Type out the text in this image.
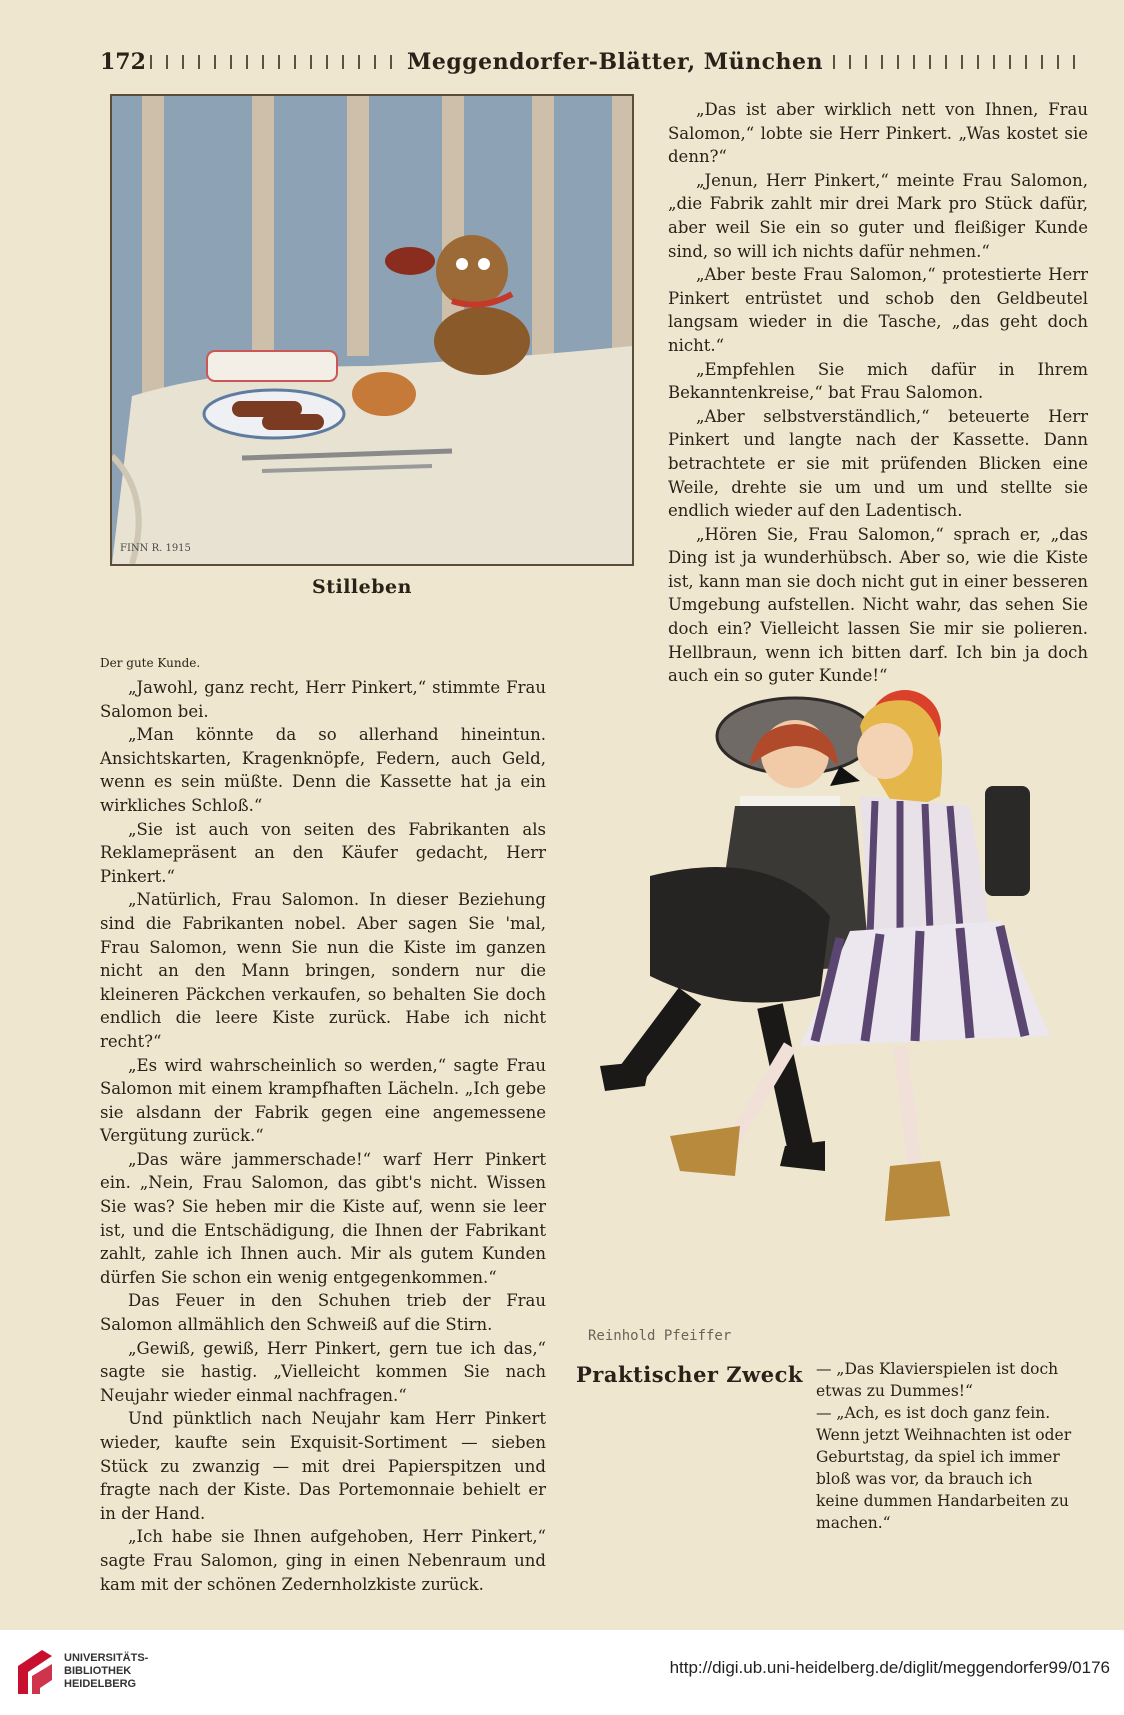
172	Meggendorfer-Blätter, München
FINN R. 1915
Stilleben

„Das ist aber wirklich nett von Ihnen, Frau Salomon,“ lobte sie Herr Pinkert. „Was kostet sie denn?“

„Jenun, Herr Pinkert,“ meinte Frau Salomon, „die Fabrik zahlt mir drei Mark pro Stück dafür, aber weil Sie ein so guter und fleißiger Kunde sind, so will ich nichts dafür nehmen.“

„Aber beste Frau Salomon,“ protestierte Herr Pinkert entrüstet und schob den Geldbeutel langsam wieder in die Tasche, „das geht doch nicht.“

„Empfehlen Sie mich dafür in Ihrem Bekanntenkreise,“ bat Frau Salomon.

„Aber selbstverständlich,“ beteuerte Herr Pinkert und langte nach der Kassette. Dann betrachtete er sie mit prüfenden Blicken eine Weile, drehte sie um und um und stellte sie endlich wieder auf den Ladentisch.

„Hören Sie, Frau Salomon,“ sprach er, „das Ding ist ja wunderhübsch. Aber so, wie die Kiste ist, kann man sie doch nicht gut in einer besseren Umgebung aufstellen. Nicht wahr, das sehen Sie doch ein? Vielleicht lassen Sie mir sie polieren. Hellbraun, wenn ich bitten darf. Ich bin ja doch auch ein so guter Kunde!“

Der gute Kunde.

„Jawohl, ganz recht, Herr Pinkert,“ stimmte Frau Salomon bei.

„Man könnte da so allerhand hineintun. Ansichtskarten, Kragenknöpfe, Federn, auch Geld, wenn es sein müßte. Denn die Kassette hat ja ein wirkliches Schloß.“

„Sie ist auch von seiten des Fabrikanten als Reklamepräsent an den Käufer gedacht, Herr Pinkert.“

„Natürlich, Frau Salomon. In dieser Beziehung sind die Fabrikanten nobel. Aber sagen Sie 'mal, Frau Salomon, wenn Sie nun die Kiste im ganzen nicht an den Mann bringen, sondern nur die kleineren Päckchen verkaufen, so behalten Sie doch endlich die leere Kiste zurück. Habe ich nicht recht?“

„Es wird wahrscheinlich so werden,“ sagte Frau Salomon mit einem krampfhaften Lächeln. „Ich gebe sie alsdann der Fabrik gegen eine angemessene Vergütung zurück.“

„Das wäre jammerschade!“ warf Herr Pinkert ein. „Nein, Frau Salomon, das gibt's nicht. Wissen Sie was? Sie heben mir die Kiste auf, wenn sie leer ist, und die Entschädigung, die Ihnen der Fabrikant zahlt, zahle ich Ihnen auch. Mir als gutem Kunden dürfen Sie schon ein wenig entgegenkommen.“

Das Feuer in den Schuhen trieb der Frau Salomon allmählich den Schweiß auf die Stirn.

„Gewiß, gewiß, Herr Pinkert, gern tue ich das,“ sagte sie hastig. „Vielleicht kommen Sie nach Neujahr wieder einmal nachfragen.“

Und pünktlich nach Neujahr kam Herr Pinkert wieder, kaufte sein Exquisit-Sortiment — sieben Stück zu zwanzig — mit drei Papierspitzen und fragte nach der Kiste. Das Portemonnaie behielt er in der Hand.

„Ich habe sie Ihnen aufgehoben, Herr Pinkert,“ sagte Frau Salomon, ging in einen Nebenraum und kam mit der schönen Zedernholzkiste zurück.

Reinhold Pfeiffer
Praktischer Zweck — „Das Klavierspielen ist doch etwas zu Dummes!“

— „Ach, es ist doch ganz fein. Wenn jetzt Weihnachten ist oder Geburtstag, da spiel ich immer bloß was vor, da brauch ich keine dummen Handarbeiten zu machen.“

UNIVERSITÄTS-
BIBLIOTHEK
HEIDELBERG
http://digi.ub.uni-heidelberg.de/diglit/meggendorfer99/0176
